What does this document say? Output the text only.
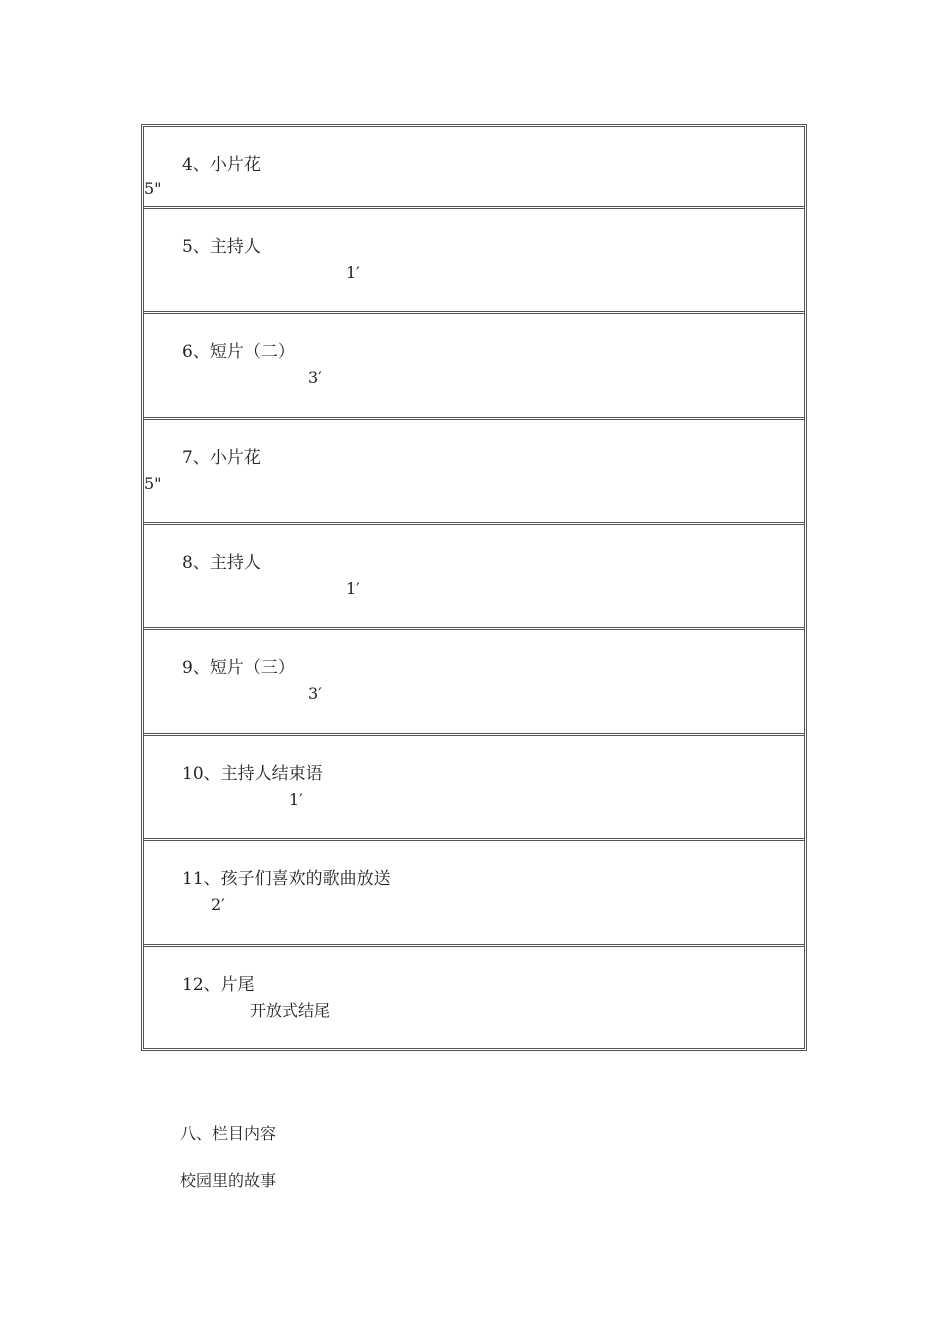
4、小片花
5"
5、主持人
1′
6、短片（二）
3′
7、小片花
5"
8、主持人
1′
9、短片（三）
3′
10、主持人结束语
1′
11、孩子们喜欢的歌曲放送
2′
12、片尾
开放式结尾
八、栏目内容
校园里的故事
